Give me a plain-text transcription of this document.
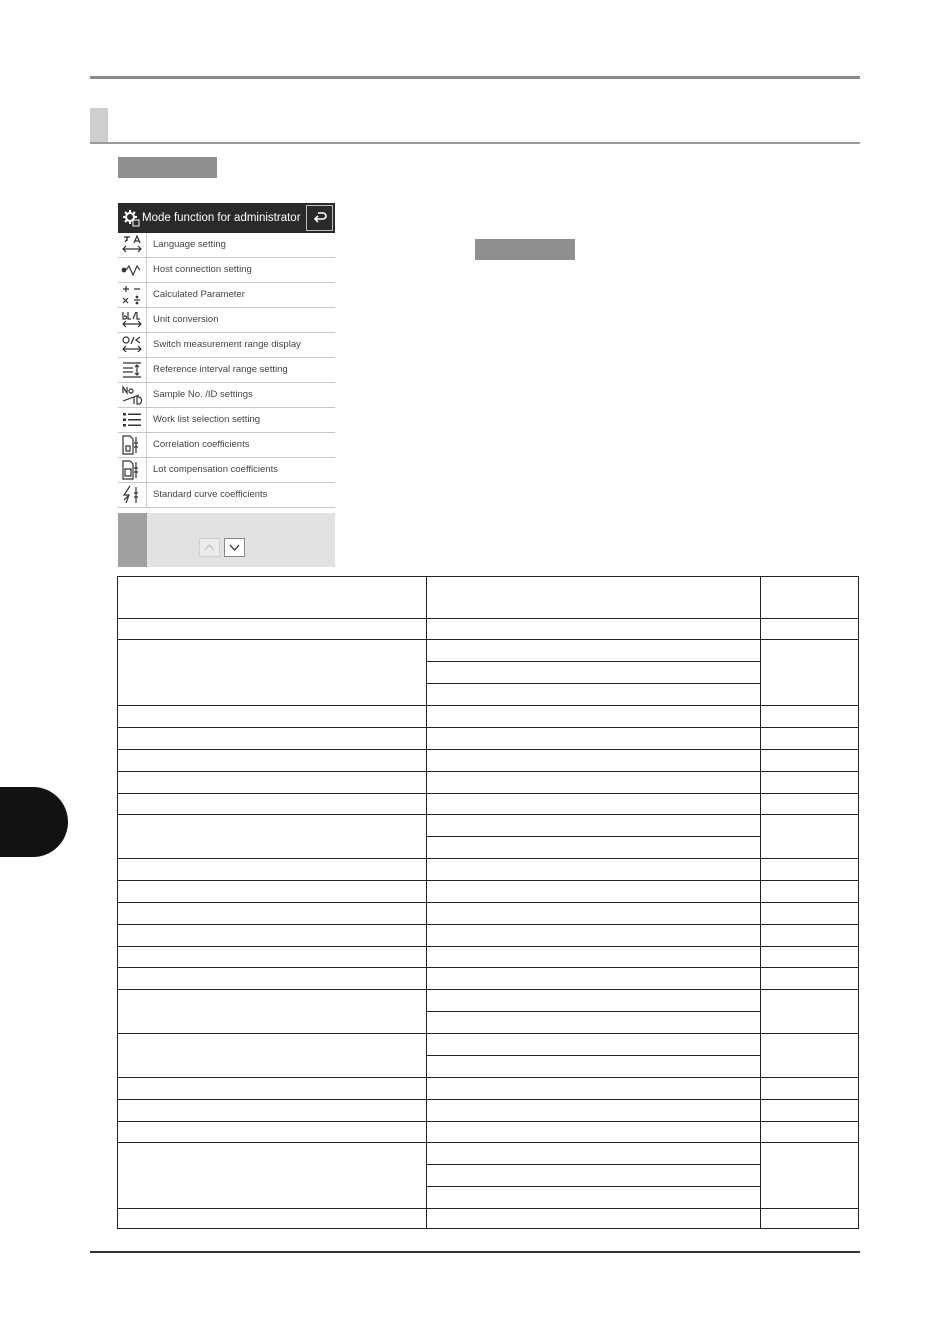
Mode function for administrator
Language setting
Host connection setting
Calculated Parameter
Unit conversion
Switch measurement range display
Reference interval range setting
Sample No. /ID settings
Work list selection setting
Correlation coefficients
Lot compensation coefficients
Standard curve coefficients
